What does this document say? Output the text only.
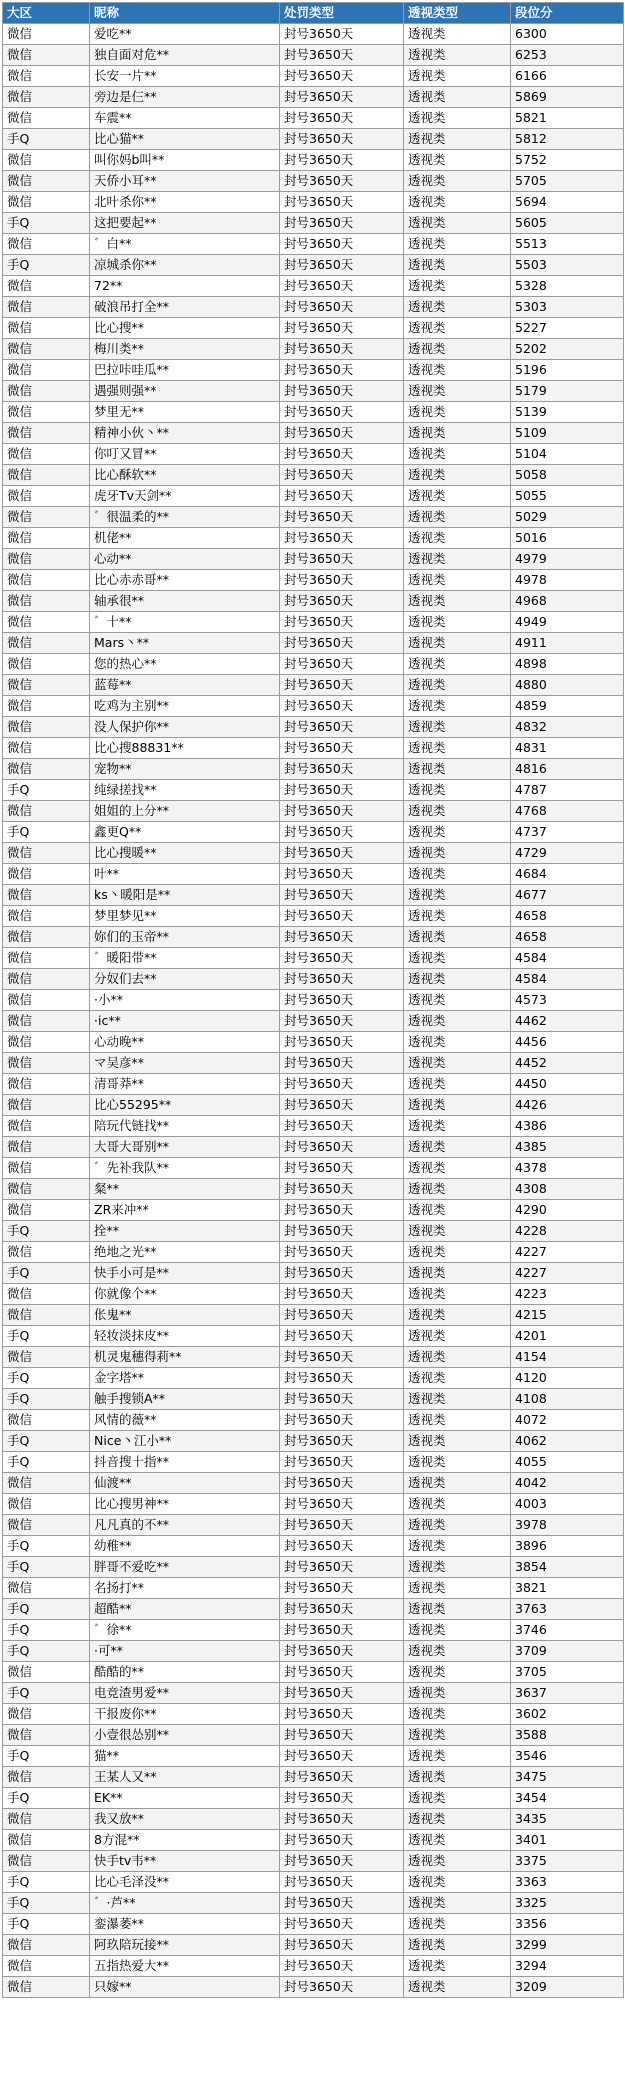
大区	昵称	处罚类型	透视类型	段位分
微信	爱吃**	封号3650天	透视类	6300
微信	独自面对危**	封号3650天	透视类	6253
微信	长安一片**	封号3650天	透视类	6166
微信	旁边是仨**	封号3650天	透视类	5869
微信	车震**	封号3650天	透视类	5821
手Q	比心猫**	封号3650天	透视类	5812
微信	叫你妈b叫**	封号3650天	透视类	5752
微信	天侨小耳**	封号3650天	透视类	5705
微信	北叶杀你**	封号3650天	透视类	5694
手Q	这把要起**	封号3650天	透视类	5605
微信	゛白**	封号3650天	透视类	5513
手Q	凉城杀你**	封号3650天	透视类	5503
微信	72**	封号3650天	透视类	5328
微信	破浪吊打全**	封号3650天	透视类	5303
微信	比心搜**	封号3650天	透视类	5227
微信	梅川类**	封号3650天	透视类	5202
微信	巴拉咔哇瓜**	封号3650天	透视类	5196
微信	遇强则强**	封号3650天	透视类	5179
微信	梦里无**	封号3650天	透视类	5139
微信	精神小伙丶**	封号3650天	透视类	5109
微信	你叮又冒**	封号3650天	透视类	5104
微信	比心酥软**	封号3650天	透视类	5058
微信	虎牙Tv天剑**	封号3650天	透视类	5055
微信	゛很温柔的**	封号3650天	透视类	5029
微信	机佬**	封号3650天	透视类	5016
微信	心动**	封号3650天	透视类	4979
微信	比心赤赤哥**	封号3650天	透视类	4978
微信	轴承很**	封号3650天	透视类	4968
微信	゛十**	封号3650天	透视类	4949
微信	Mars丶**	封号3650天	透视类	4911
微信	您的热心**	封号3650天	透视类	4898
微信	蓝莓**	封号3650天	透视类	4880
微信	吃鸡为主别**	封号3650天	透视类	4859
微信	没人保护你**	封号3650天	透视类	4832
微信	比心搜88831**	封号3650天	透视类	4831
微信	宠物**	封号3650天	透视类	4816
手Q	纯绿搓找**	封号3650天	透视类	4787
微信	姐姐的上分**	封号3650天	透视类	4768
手Q	鑫更Q**	封号3650天	透视类	4737
微信	比心搜暖**	封号3650天	透视类	4729
微信	叶**	封号3650天	透视类	4684
微信	ks丶暖阳是**	封号3650天	透视类	4677
微信	梦里梦见**	封号3650天	透视类	4658
微信	妳们的玉帝**	封号3650天	透视类	4658
微信	゛暖阳带**	封号3650天	透视类	4584
微信	分奴们去**	封号3650天	透视类	4584
微信	·小**	封号3650天	透视类	4573
微信	·ic**	封号3650天	透视类	4462
微信	心动晚**	封号3650天	透视类	4456
微信	マ吴彦**	封号3650天	透视类	4452
微信	清哥莽**	封号3650天	透视类	4450
微信	比心55295**	封号3650天	透视类	4426
微信	陪玩代链找**	封号3650天	透视类	4386
微信	大哥大哥别**	封号3650天	透视类	4385
微信	゛先补我队**	封号3650天	透视类	4378
微信	粲**	封号3650天	透视类	4308
微信	ZR来冲**	封号3650天	透视类	4290
手Q	拴**	封号3650天	透视类	4228
微信	绝地之光**	封号3650天	透视类	4227
手Q	快手小可是**	封号3650天	透视类	4227
微信	你就像个**	封号3650天	透视类	4223
微信	伥鬼**	封号3650天	透视类	4215
手Q	轻妆淡抹皮**	封号3650天	透视类	4201
微信	机灵鬼穗得莉**	封号3650天	透视类	4154
手Q	金字塔**	封号3650天	透视类	4120
手Q	触手搜锁A**	封号3650天	透视类	4108
微信	风情的薇**	封号3650天	透视类	4072
手Q	Nice丶江小**	封号3650天	透视类	4062
手Q	抖音搜十指**	封号3650天	透视类	4055
微信	仙渡**	封号3650天	透视类	4042
微信	比心搜男神**	封号3650天	透视类	4003
微信	凡凡真的不**	封号3650天	透视类	3978
手Q	幼稚**	封号3650天	透视类	3896
手Q	胖哥不爱吃**	封号3650天	透视类	3854
微信	名扬打**	封号3650天	透视类	3821
手Q	超酷**	封号3650天	透视类	3763
手Q	゛徐**	封号3650天	透视类	3746
手Q	·可**	封号3650天	透视类	3709
微信	酷酷的**	封号3650天	透视类	3705
手Q	电竞渣男爱**	封号3650天	透视类	3637
微信	干报废你**	封号3650天	透视类	3602
微信	小壹很怂别**	封号3650天	透视类	3588
手Q	猫**	封号3650天	透视类	3546
微信	王某人又**	封号3650天	透视类	3475
手Q	EK**	封号3650天	透视类	3454
微信	我又放**	封号3650天	透视类	3435
微信	8方混**	封号3650天	透视类	3401
微信	快手tv韦**	封号3650天	透视类	3375
手Q	比心毛泽没**	封号3650天	透视类	3363
手Q	゛·芦**	封号3650天	透视类	3325
手Q	銮瀑萎**	封号3650天	透视类	3356
微信	阿玖陪玩接**	封号3650天	透视类	3299
微信	五指热爱大**	封号3650天	透视类	3294
微信	只嫁**	封号3650天	透视类	3209
